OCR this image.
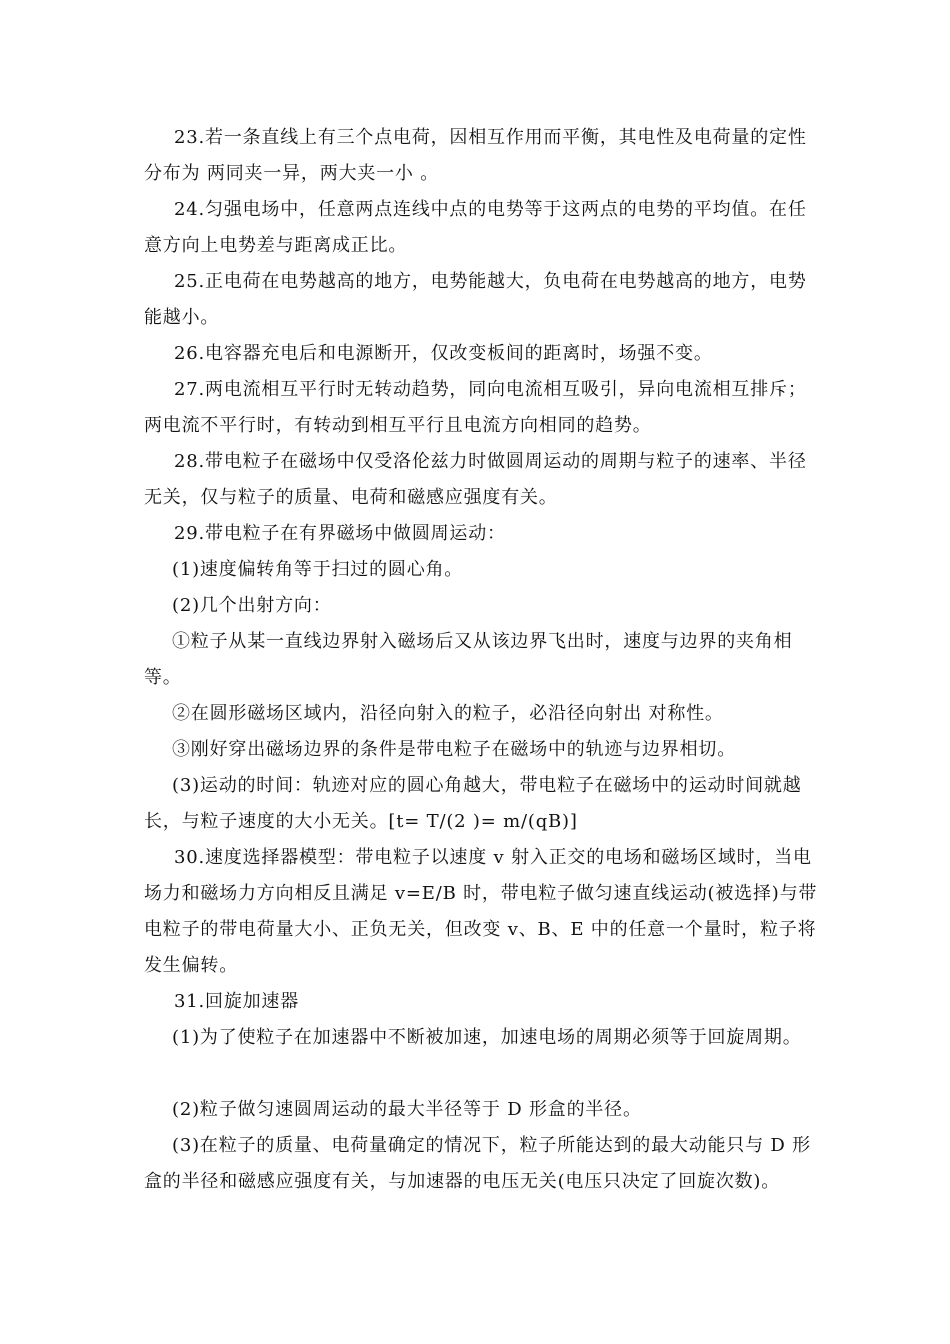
23.若一条直线上有三个点电荷，因相互作用而平衡，其电性及电荷量的定性分布为 两同夹一异，两大夹一小 。

24.匀强电场中，任意两点连线中点的电势等于这两点的电势的平均值。在任意方向上电势差与距离成正比。

25.正电荷在电势越高的地方，电势能越大，负电荷在电势越高的地方，电势能越小。

26.电容器充电后和电源断开，仅改变板间的距离时，场强不变。

27.两电流相互平行时无转动趋势，同向电流相互吸引，异向电流相互排斥；两电流不平行时，有转动到相互平行且电流方向相同的趋势。

28.带电粒子在磁场中仅受洛伦兹力时做圆周运动的周期与粒子的速率、半径无关，仅与粒子的质量、电荷和磁感应强度有关。

29.带电粒子在有界磁场中做圆周运动：

(1)速度偏转角等于扫过的圆心角。

(2)几个出射方向：

①粒子从某一直线边界射入磁场后又从该边界飞出时，速度与边界的夹角相等。

②在圆形磁场区域内，沿径向射入的粒子，必沿径向射出 对称性。

③刚好穿出磁场边界的条件是带电粒子在磁场中的轨迹与边界相切。

(3)运动的时间：轨迹对应的圆心角越大，带电粒子在磁场中的运动时间就越长，与粒子速度的大小无关。[t= T/(2 )= m/(qB)]

30.速度选择器模型：带电粒子以速度 v 射入正交的电场和磁场区域时，当电场力和磁场力方向相反且满足 v=E/B 时，带电粒子做匀速直线运动(被选择)与带电粒子的带电荷量大小、正负无关，但改变 v、B、E 中的任意一个量时，粒子将发生偏转。

31.回旋加速器

(1)为了使粒子在加速器中不断被加速，加速电场的周期必须等于回旋周期。

(2)粒子做匀速圆周运动的最大半径等于 D 形盒的半径。

(3)在粒子的质量、电荷量确定的情况下，粒子所能达到的最大动能只与 D 形盒的半径和磁感应强度有关，与加速器的电压无关(电压只决定了回旋次数)。
